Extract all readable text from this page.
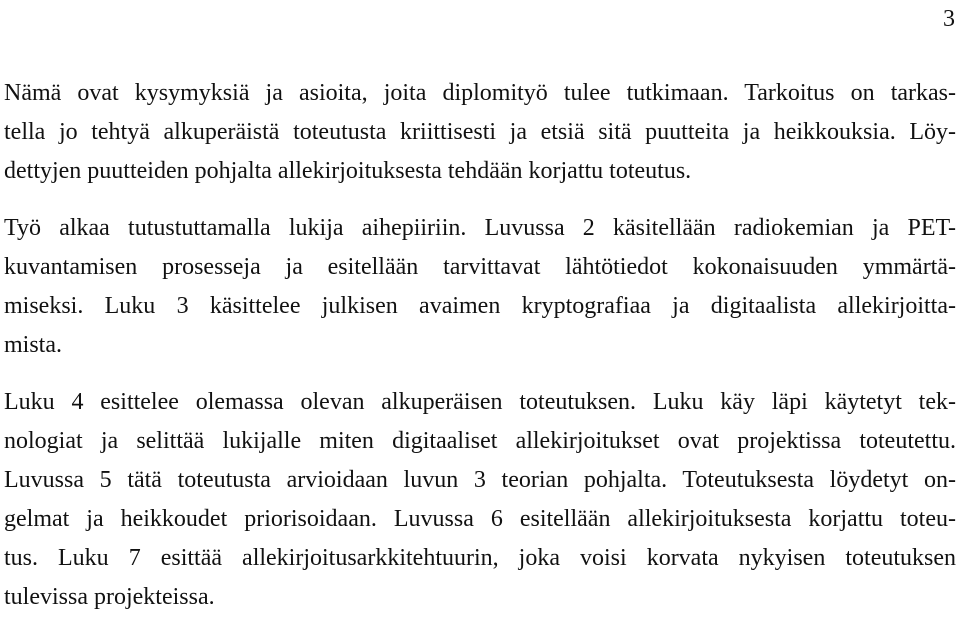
3

Nämä ovat kysymyksiä ja asioita, joita diplomityö tulee tutkimaan. Tarkoitus on tarkas-
tella jo tehtyä alkuperäistä toteutusta kriittisesti ja etsiä sitä puutteita ja heikkouksia. Löy-
dettyjen puutteiden pohjalta allekirjoituksesta tehdään korjattu toteutus.

Työ alkaa tutustuttamalla lukija aihepiiriin. Luvussa 2 käsitellään radiokemian ja PET-
kuvantamisen prosesseja ja esitellään tarvittavat lähtötiedot kokonaisuuden ymmärtä-
miseksi. Luku 3 käsittelee julkisen avaimen kryptografiaa ja digitaalista allekirjoitta-
mista.

Luku 4 esittelee olemassa olevan alkuperäisen toteutuksen. Luku käy läpi käytetyt tek-
nologiat ja selittää lukijalle miten digitaaliset allekirjoitukset ovat projektissa toteutettu.
Luvussa 5 tätä toteutusta arvioidaan luvun 3 teorian pohjalta. Toteutuksesta löydetyt on-
gelmat ja heikkoudet priorisoidaan. Luvussa 6 esitellään allekirjoituksesta korjattu toteu-
tus. Luku 7 esittää allekirjoitusarkkitehtuurin, joka voisi korvata nykyisen toteutuksen
tulevissa projekteissa.
